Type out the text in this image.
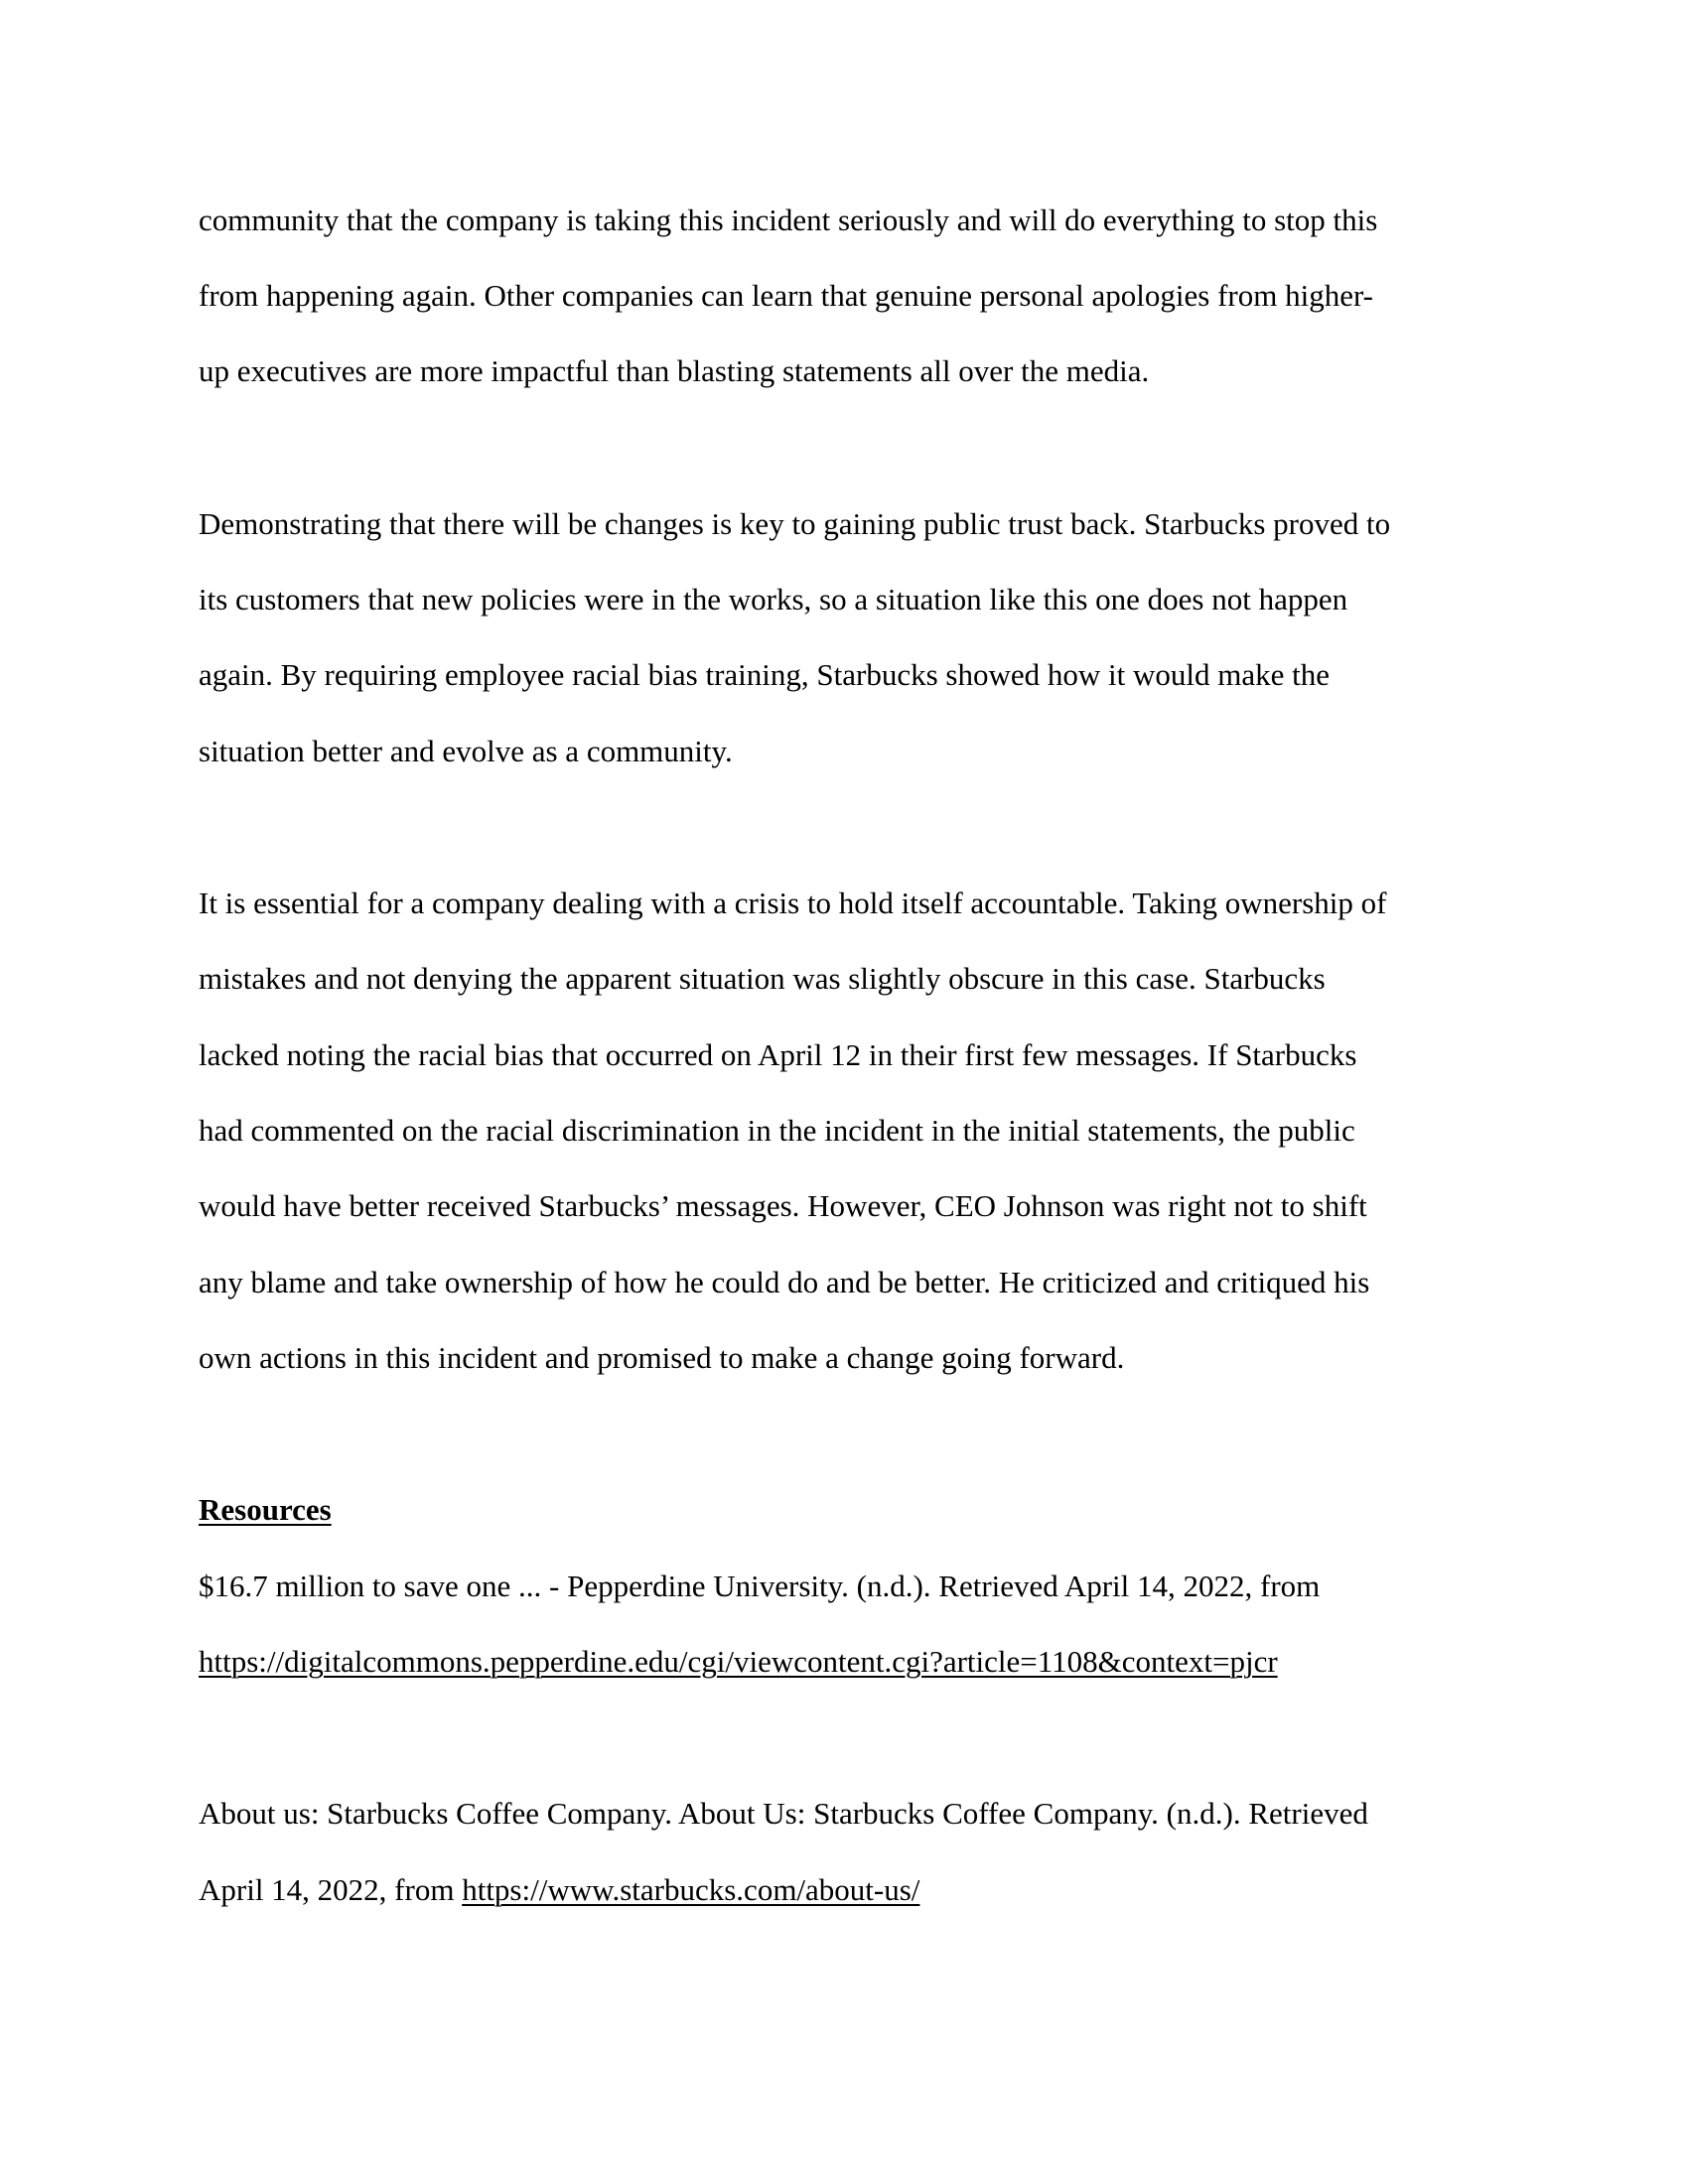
community that the company is taking this incident seriously and will do everything to stop this
from happening again. Other companies can learn that genuine personal apologies from higher-
up executives are more impactful than blasting statements all over the media.
Demonstrating that there will be changes is key to gaining public trust back. Starbucks proved to
its customers that new policies were in the works, so a situation like this one does not happen
again. By requiring employee racial bias training, Starbucks showed how it would make the
situation better and evolve as a community.
It is essential for a company dealing with a crisis to hold itself accountable. Taking ownership of
mistakes and not denying the apparent situation was slightly obscure in this case. Starbucks
lacked noting the racial bias that occurred on April 12 in their first few messages. If Starbucks
had commented on the racial discrimination in the incident in the initial statements, the public
would have better received Starbucks’ messages. However, CEO Johnson was right not to shift
any blame and take ownership of how he could do and be better. He criticized and critiqued his
own actions in this incident and promised to make a change going forward.
Resources
$16.7 million to save one ... - Pepperdine University. (n.d.). Retrieved April 14, 2022, from
https://digitalcommons.pepperdine.edu/cgi/viewcontent.cgi?article=1108&context=pjcr
About us: Starbucks Coffee Company. About Us: Starbucks Coffee Company. (n.d.). Retrieved
April 14, 2022, from https://www.starbucks.com/about-us/
